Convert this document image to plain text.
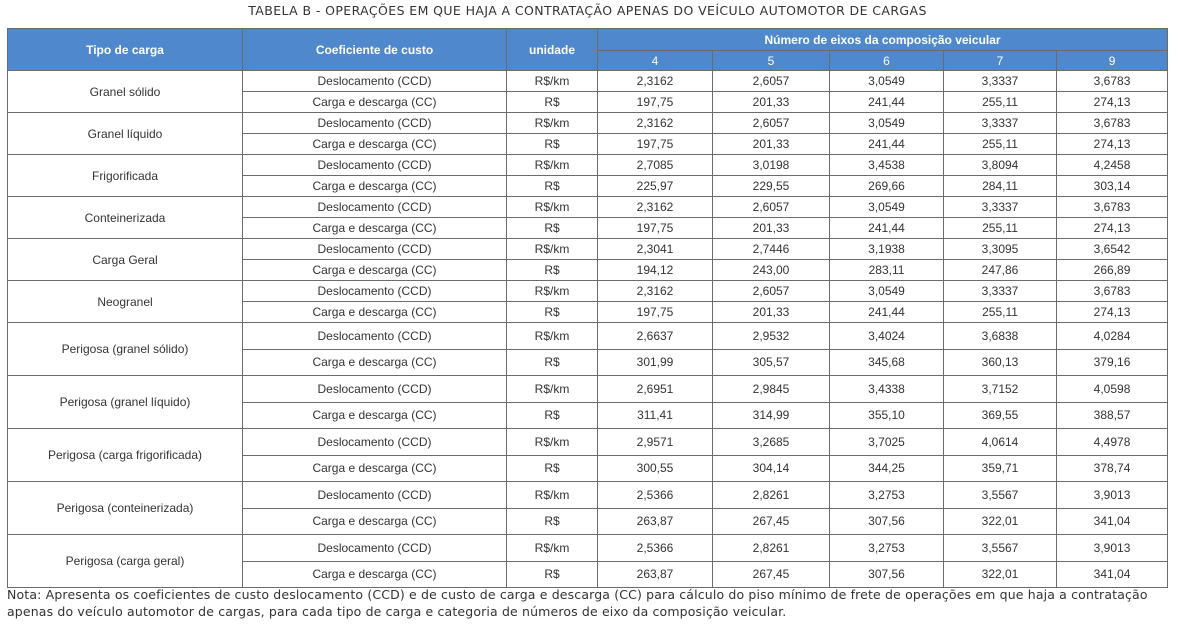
TABELA B - OPERAÇÕES EM QUE HAJA A CONTRATAÇÃO APENAS DO VEÍCULO AUTOMOTOR DE CARGAS
Tipo de carga	Coeficiente de custo	unidade	Número de eixos da composição veicular				
			4	5	6	7	9
Granel sólido	Deslocamento (CCD)	R$/km	2,3162	2,6057	3,0549	3,3337	3,6783
	Carga e descarga (CC)	R$	197,75	201,33	241,44	255,11	274,13
Granel líquido	Deslocamento (CCD)	R$/km	2,3162	2,6057	3,0549	3,3337	3,6783
	Carga e descarga (CC)	R$	197,75	201,33	241,44	255,11	274,13
Frigorificada	Deslocamento (CCD)	R$/km	2,7085	3,0198	3,4538	3,8094	4,2458
	Carga e descarga (CC)	R$	225,97	229,55	269,66	284,11	303,14
Conteinerizada	Deslocamento (CCD)	R$/km	2,3162	2,6057	3,0549	3,3337	3,6783
	Carga e descarga (CC)	R$	197,75	201,33	241,44	255,11	274,13
Carga Geral	Deslocamento (CCD)	R$/km	2,3041	2,7446	3,1938	3,3095	3,6542
	Carga e descarga (CC)	R$	194,12	243,00	283,11	247,86	266,89
Neogranel	Deslocamento (CCD)	R$/km	2,3162	2,6057	3,0549	3,3337	3,6783
	Carga e descarga (CC)	R$	197,75	201,33	241,44	255,11	274,13
Perigosa (granel sólido)	Deslocamento (CCD)	R$/km	2,6637	2,9532	3,4024	3,6838	4,0284
	Carga e descarga (CC)	R$	301,99	305,57	345,68	360,13	379,16
Perigosa (granel líquido)	Deslocamento (CCD)	R$/km	2,6951	2,9845	3,4338	3,7152	4,0598
	Carga e descarga (CC)	R$	311,41	314,99	355,10	369,55	388,57
Perigosa (carga frigorificada)	Deslocamento (CCD)	R$/km	2,9571	3,2685	3,7025	4,0614	4,4978
	Carga e descarga (CC)	R$	300,55	304,14	344,25	359,71	378,74
Perigosa (conteinerizada)	Deslocamento (CCD)	R$/km	2,5366	2,8261	3,2753	3,5567	3,9013
	Carga e descarga (CC)	R$	263,87	267,45	307,56	322,01	341,04
Perigosa (carga geral)	Deslocamento (CCD)	R$/km	2,5366	2,8261	3,2753	3,5567	3,9013
	Carga e descarga (CC)	R$	263,87	267,45	307,56	322,01	341,04
Nota: Apresenta os coeficientes de custo deslocamento (CCD) e de custo de carga e descarga (CC) para cálculo do piso mínimo de frete de operações em que haja a contratação apenas do veículo automotor de cargas, para cada tipo de carga e categoria de números de eixo da composição veicular.
